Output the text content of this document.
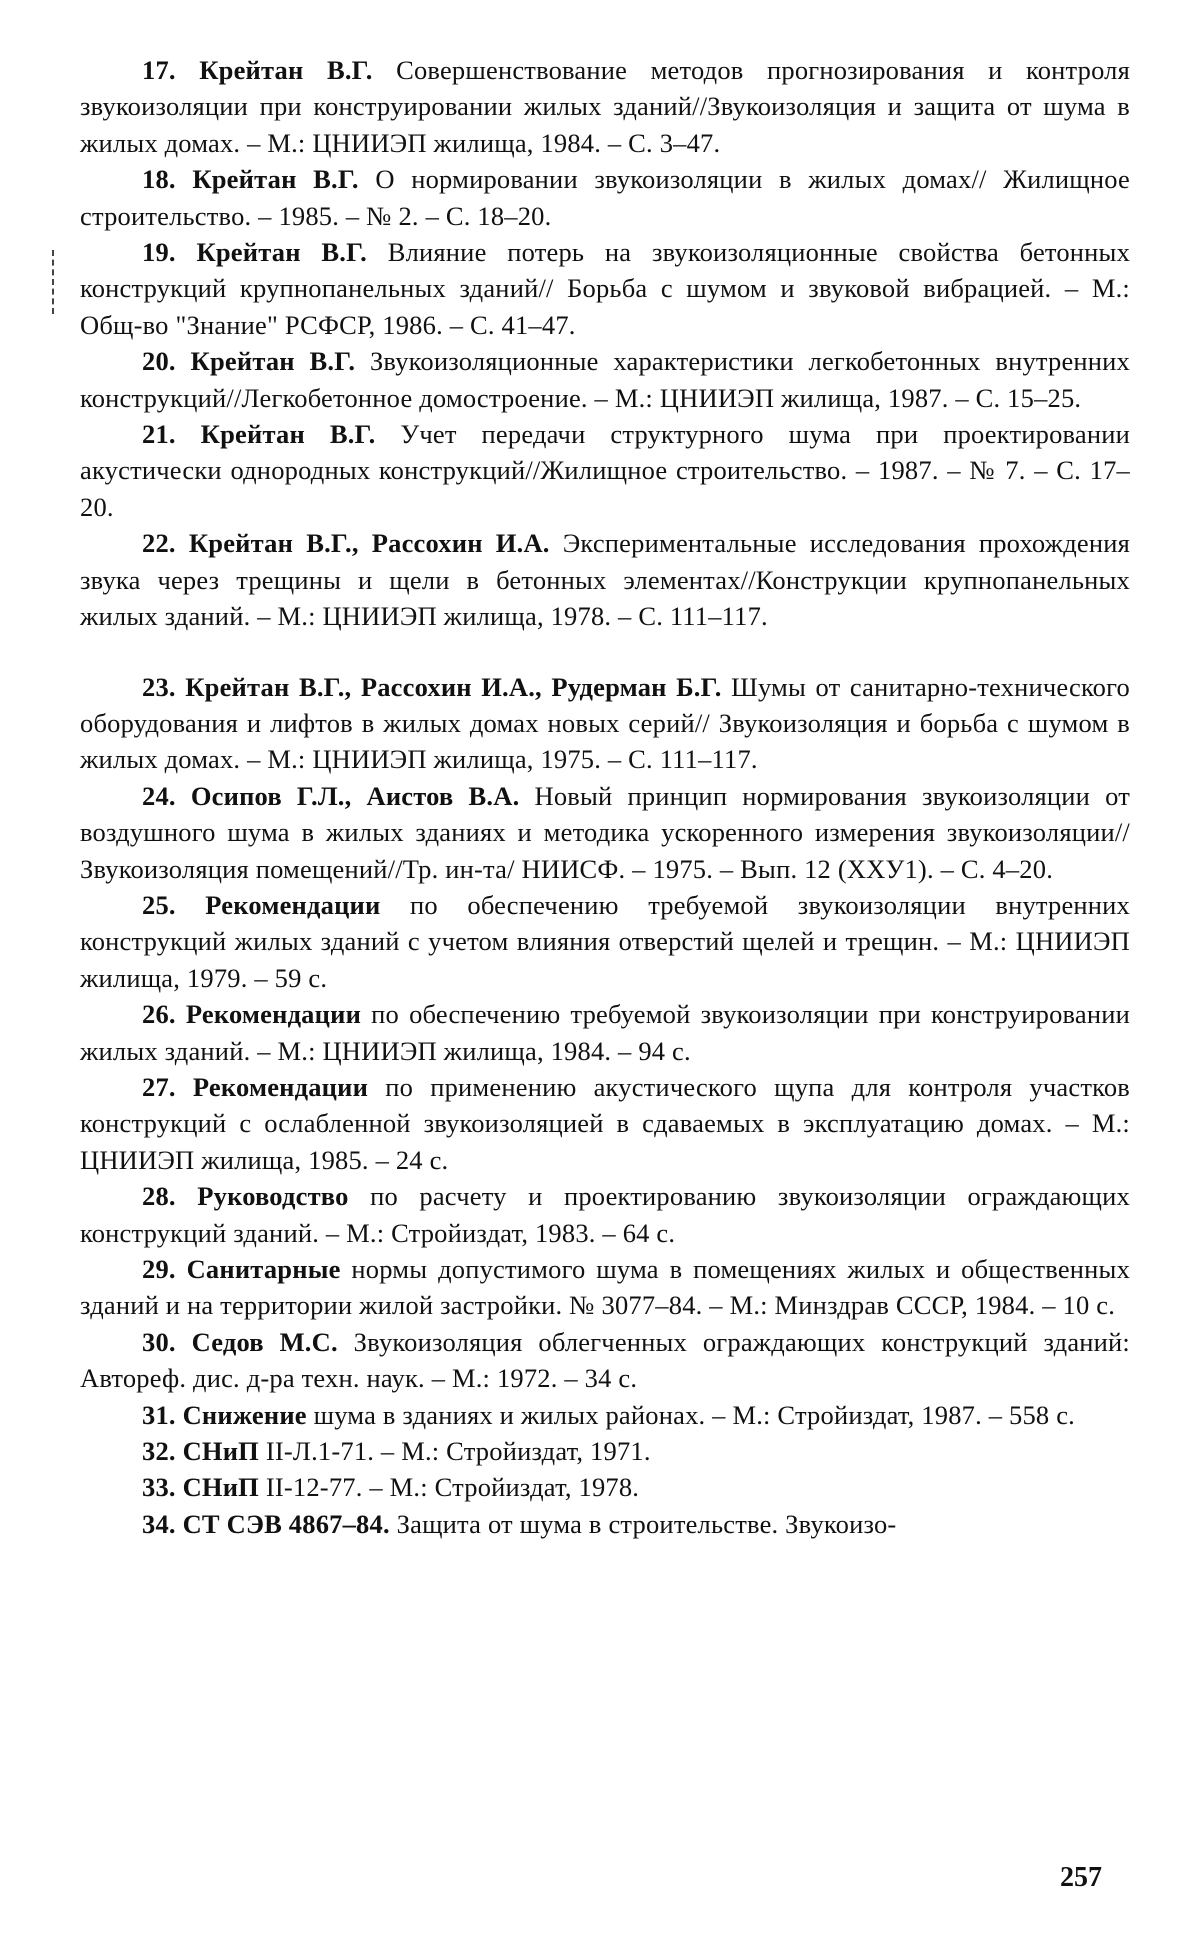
17. Крейтан В.Г. Совершенствование методов прогнозирования и контроля звукоизоляции при конструировании жилых зданий//Звукоизоляция и защита от шума в жилых домах. – М.: ЦНИИЭП жилища, 1984. – С. 3–47.

18. Крейтан В.Г. О нормировании звукоизоляции в жилых домах// Жилищное строительство. – 1985. – № 2. – С. 18–20.

19. Крейтан В.Г. Влияние потерь на звукоизоляционные свойства бетонных конструкций крупнопанельных зданий// Борьба с шумом и звуковой вибрацией. – М.: Общ-во "Знание" РСФСР, 1986. – С. 41–47.

20. Крейтан В.Г. Звукоизоляционные характеристики легкобетонных внутренних конструкций//Легкобетонное домостроение. – М.: ЦНИИЭП жилища, 1987. – С. 15–25.

21. Крейтан В.Г. Учет передачи структурного шума при проектировании акустически однородных конструкций//Жилищное строительство. – 1987. – № 7. – С. 17–20.

22. Крейтан В.Г., Рассохин И.А. Экспериментальные исследования прохождения звука через трещины и щели в бетонных элементах//Конструкции крупнопанельных жилых зданий. – М.: ЦНИИЭП жилища, 1978. – С. 111–117.

23. Крейтан В.Г., Рассохин И.А., Рудерман Б.Г. Шумы от санитарно-технического оборудования и лифтов в жилых домах новых серий// Звукоизоляция и борьба с шумом в жилых домах. – М.: ЦНИИЭП жилища, 1975. – С. 111–117.

24. Осипов Г.Л., Аистов В.А. Новый принцип нормирования звукоизоляции от воздушного шума в жилых зданиях и методика ускоренного измерения звукоизоляции//Звукоизоляция помещений//Тр. ин-та/ НИИСФ. – 1975. – Вып. 12 (ХХУ1). – С. 4–20.

25. Рекомендации по обеспечению требуемой звукоизоляции внутренних конструкций жилых зданий с учетом влияния отверстий щелей и трещин. – М.: ЦНИИЭП жилища, 1979. – 59 с.

26. Рекомендации по обеспечению требуемой звукоизоляции при конструировании жилых зданий. – М.: ЦНИИЭП жилища, 1984. – 94 с.

27. Рекомендации по применению акустического щупа для контроля участков конструкций с ослабленной звукоизоляцией в сдаваемых в эксплуатацию домах. – М.: ЦНИИЭП жилища, 1985. – 24 с.

28. Руководство по расчету и проектированию звукоизоляции ограждающих конструкций зданий. – М.: Стройиздат, 1983. – 64 с.

29. Санитарные нормы допустимого шума в помещениях жилых и общественных зданий и на территории жилой застройки. № 3077–84. – М.: Минздрав СССР, 1984. – 10 с.

30. Седов М.С. Звукоизоляция облегченных ограждающих конструкций зданий: Автореф. дис. д-ра техн. наук. – М.: 1972. – 34 с.

31. Снижение шума в зданиях и жилых районах. – М.: Стройиздат, 1987. – 558 с.

32. СНиП II-Л.1-71. – М.: Стройиздат, 1971.

33. СНиП II-12-77. – М.: Стройиздат, 1978.

34. СТ СЭВ 4867–84. Защита от шума в строительстве. Звукоизо-

257
